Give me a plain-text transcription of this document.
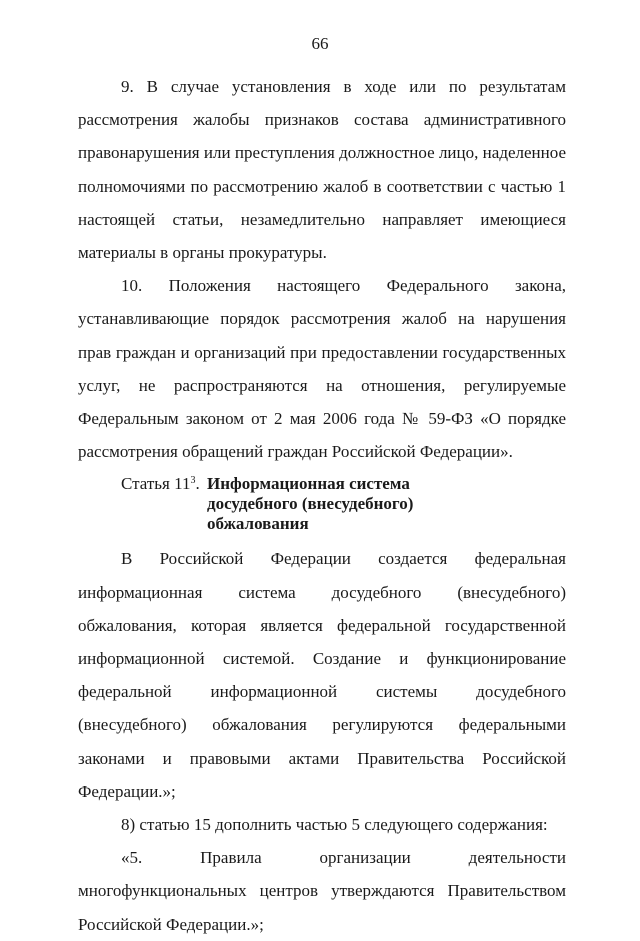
66

9. В случае установления в ходе или по результатам рассмотрения жалобы признаков состава административного правонарушения или преступления должностное лицо, наделенное полномочиями по рассмотрению жалоб в соответствии с частью 1 настоящей статьи, незамедлительно направляет имеющиеся материалы в органы прокуратуры.

10. Положения настоящего Федерального закона, устанавливающие порядок рассмотрения жалоб на нарушения прав граждан и организаций при предоставлении государственных услуг, не распространяются на отношения, регулируемые Федеральным законом от 2 мая 2006 года № 59-ФЗ «О порядке рассмотрения обращений граждан Российской Федерации».

Статья $11^3$. Информационная система досудебного (внесудебного) обжалования

В Российской Федерации создается федеральная информационная система досудебного (внесудебного) обжалования, которая является федеральной государственной информационной системой. Создание и функционирование федеральной информационной системы досудебного (внесудебного) обжалования регулируются федеральными законами и правовыми актами Правительства Российской Федерации.»;

8) статью 15 дополнить частью 5 следующего содержания:

«5. Правила организации деятельности многофункциональных центров утверждаются Правительством Российской Федерации.»;
